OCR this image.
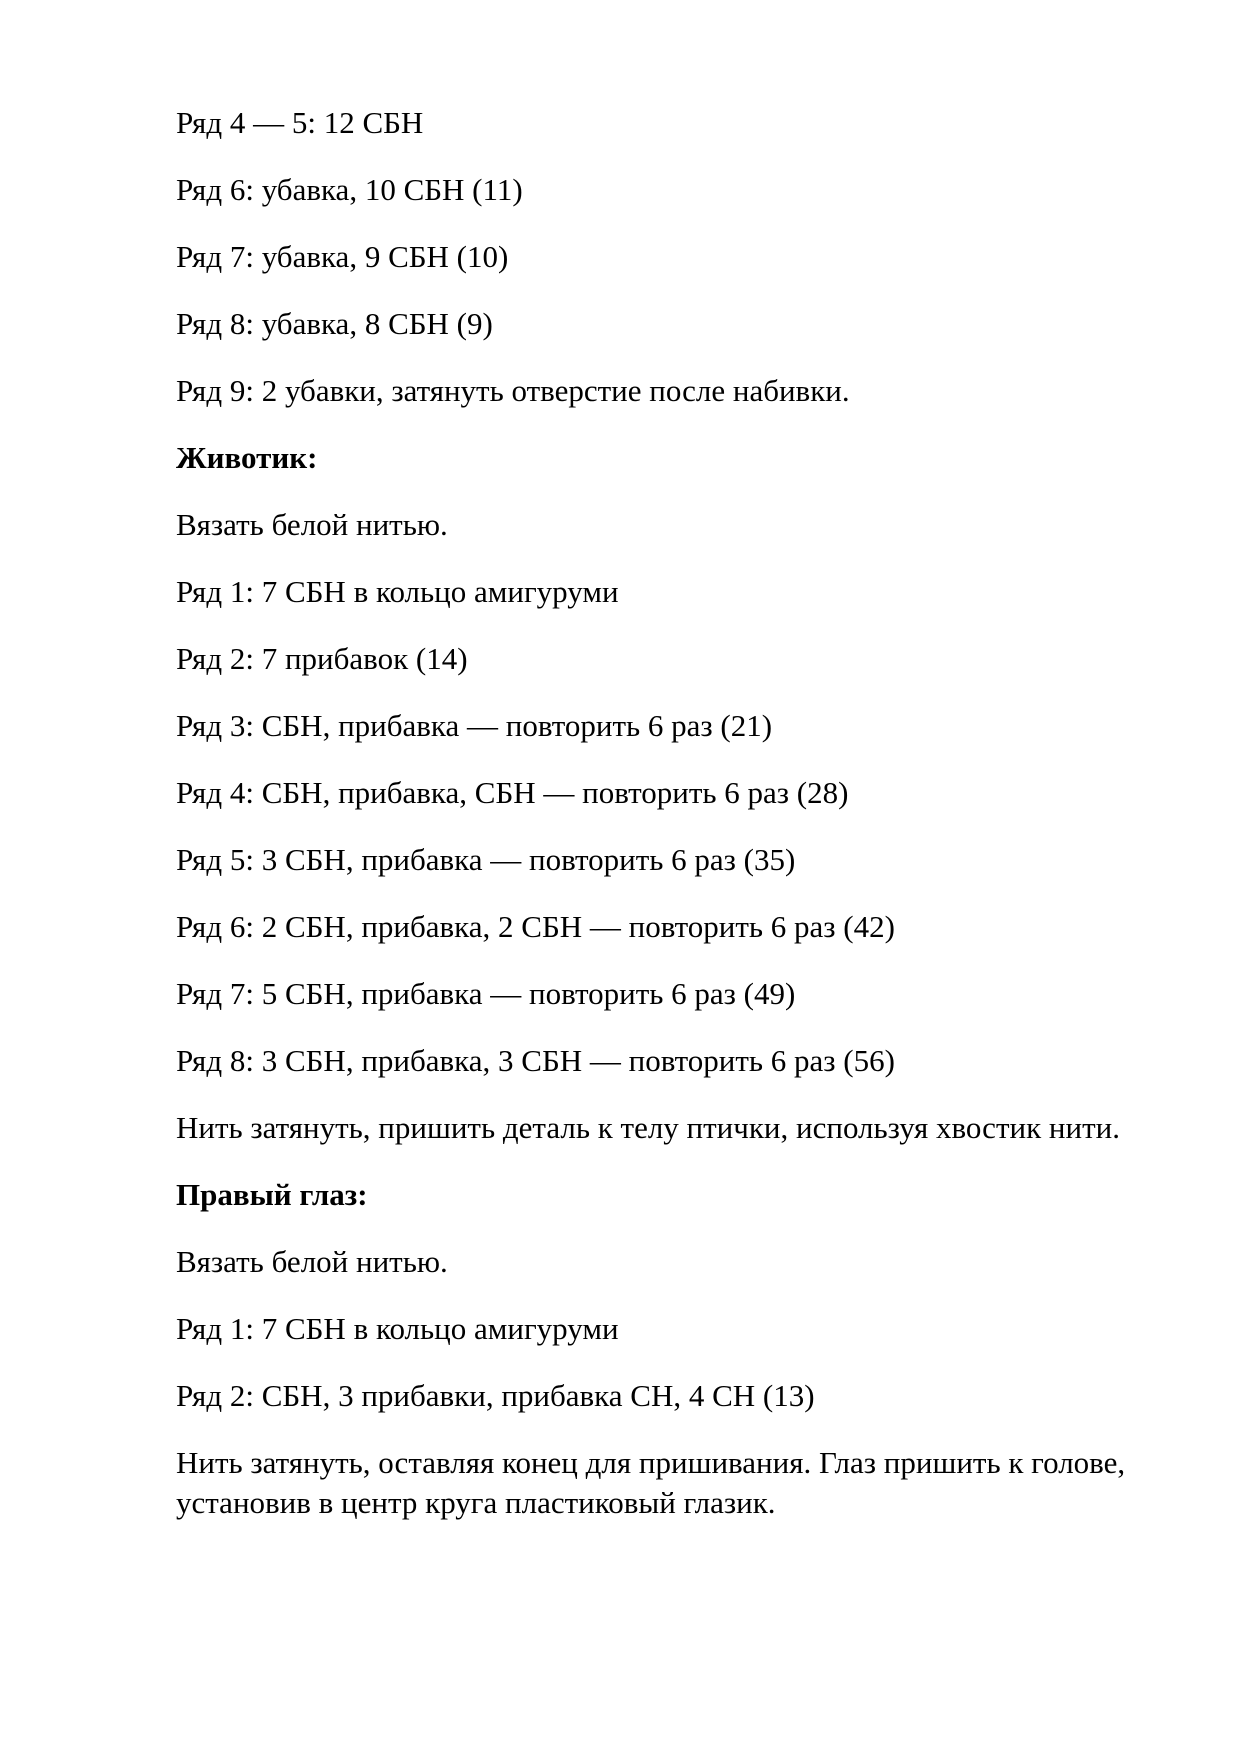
Ряд 4 — 5: 12 СБН

Ряд 6: убавка, 10 СБН (11)

Ряд 7: убавка, 9 СБН (10)

Ряд 8: убавка, 8 СБН (9)

Ряд 9: 2 убавки, затянуть отверстие после набивки.

Животик:

Вязать белой нитью.

Ряд 1: 7 СБН в кольцо амигуруми

Ряд 2: 7 прибавок (14)

Ряд 3: СБН, прибавка — повторить 6 раз (21)

Ряд 4: СБН, прибавка, СБН — повторить 6 раз (28)

Ряд 5: 3 СБН, прибавка — повторить 6 раз (35)

Ряд 6: 2 СБН, прибавка, 2 СБН — повторить 6 раз (42)

Ряд 7: 5 СБН, прибавка — повторить 6 раз (49)

Ряд 8: 3 СБН, прибавка, 3 СБН — повторить 6 раз (56)

Нить затянуть, пришить деталь к телу птички, используя хвостик нити.

Правый глаз:

Вязать белой нитью.

Ряд 1: 7 СБН в кольцо амигуруми

Ряд 2: СБН, 3 прибавки, прибавка СН, 4 СН (13)

Нить затянуть, оставляя конец для пришивания. Глаз пришить к голове, установив в центр круга пластиковый глазик.
